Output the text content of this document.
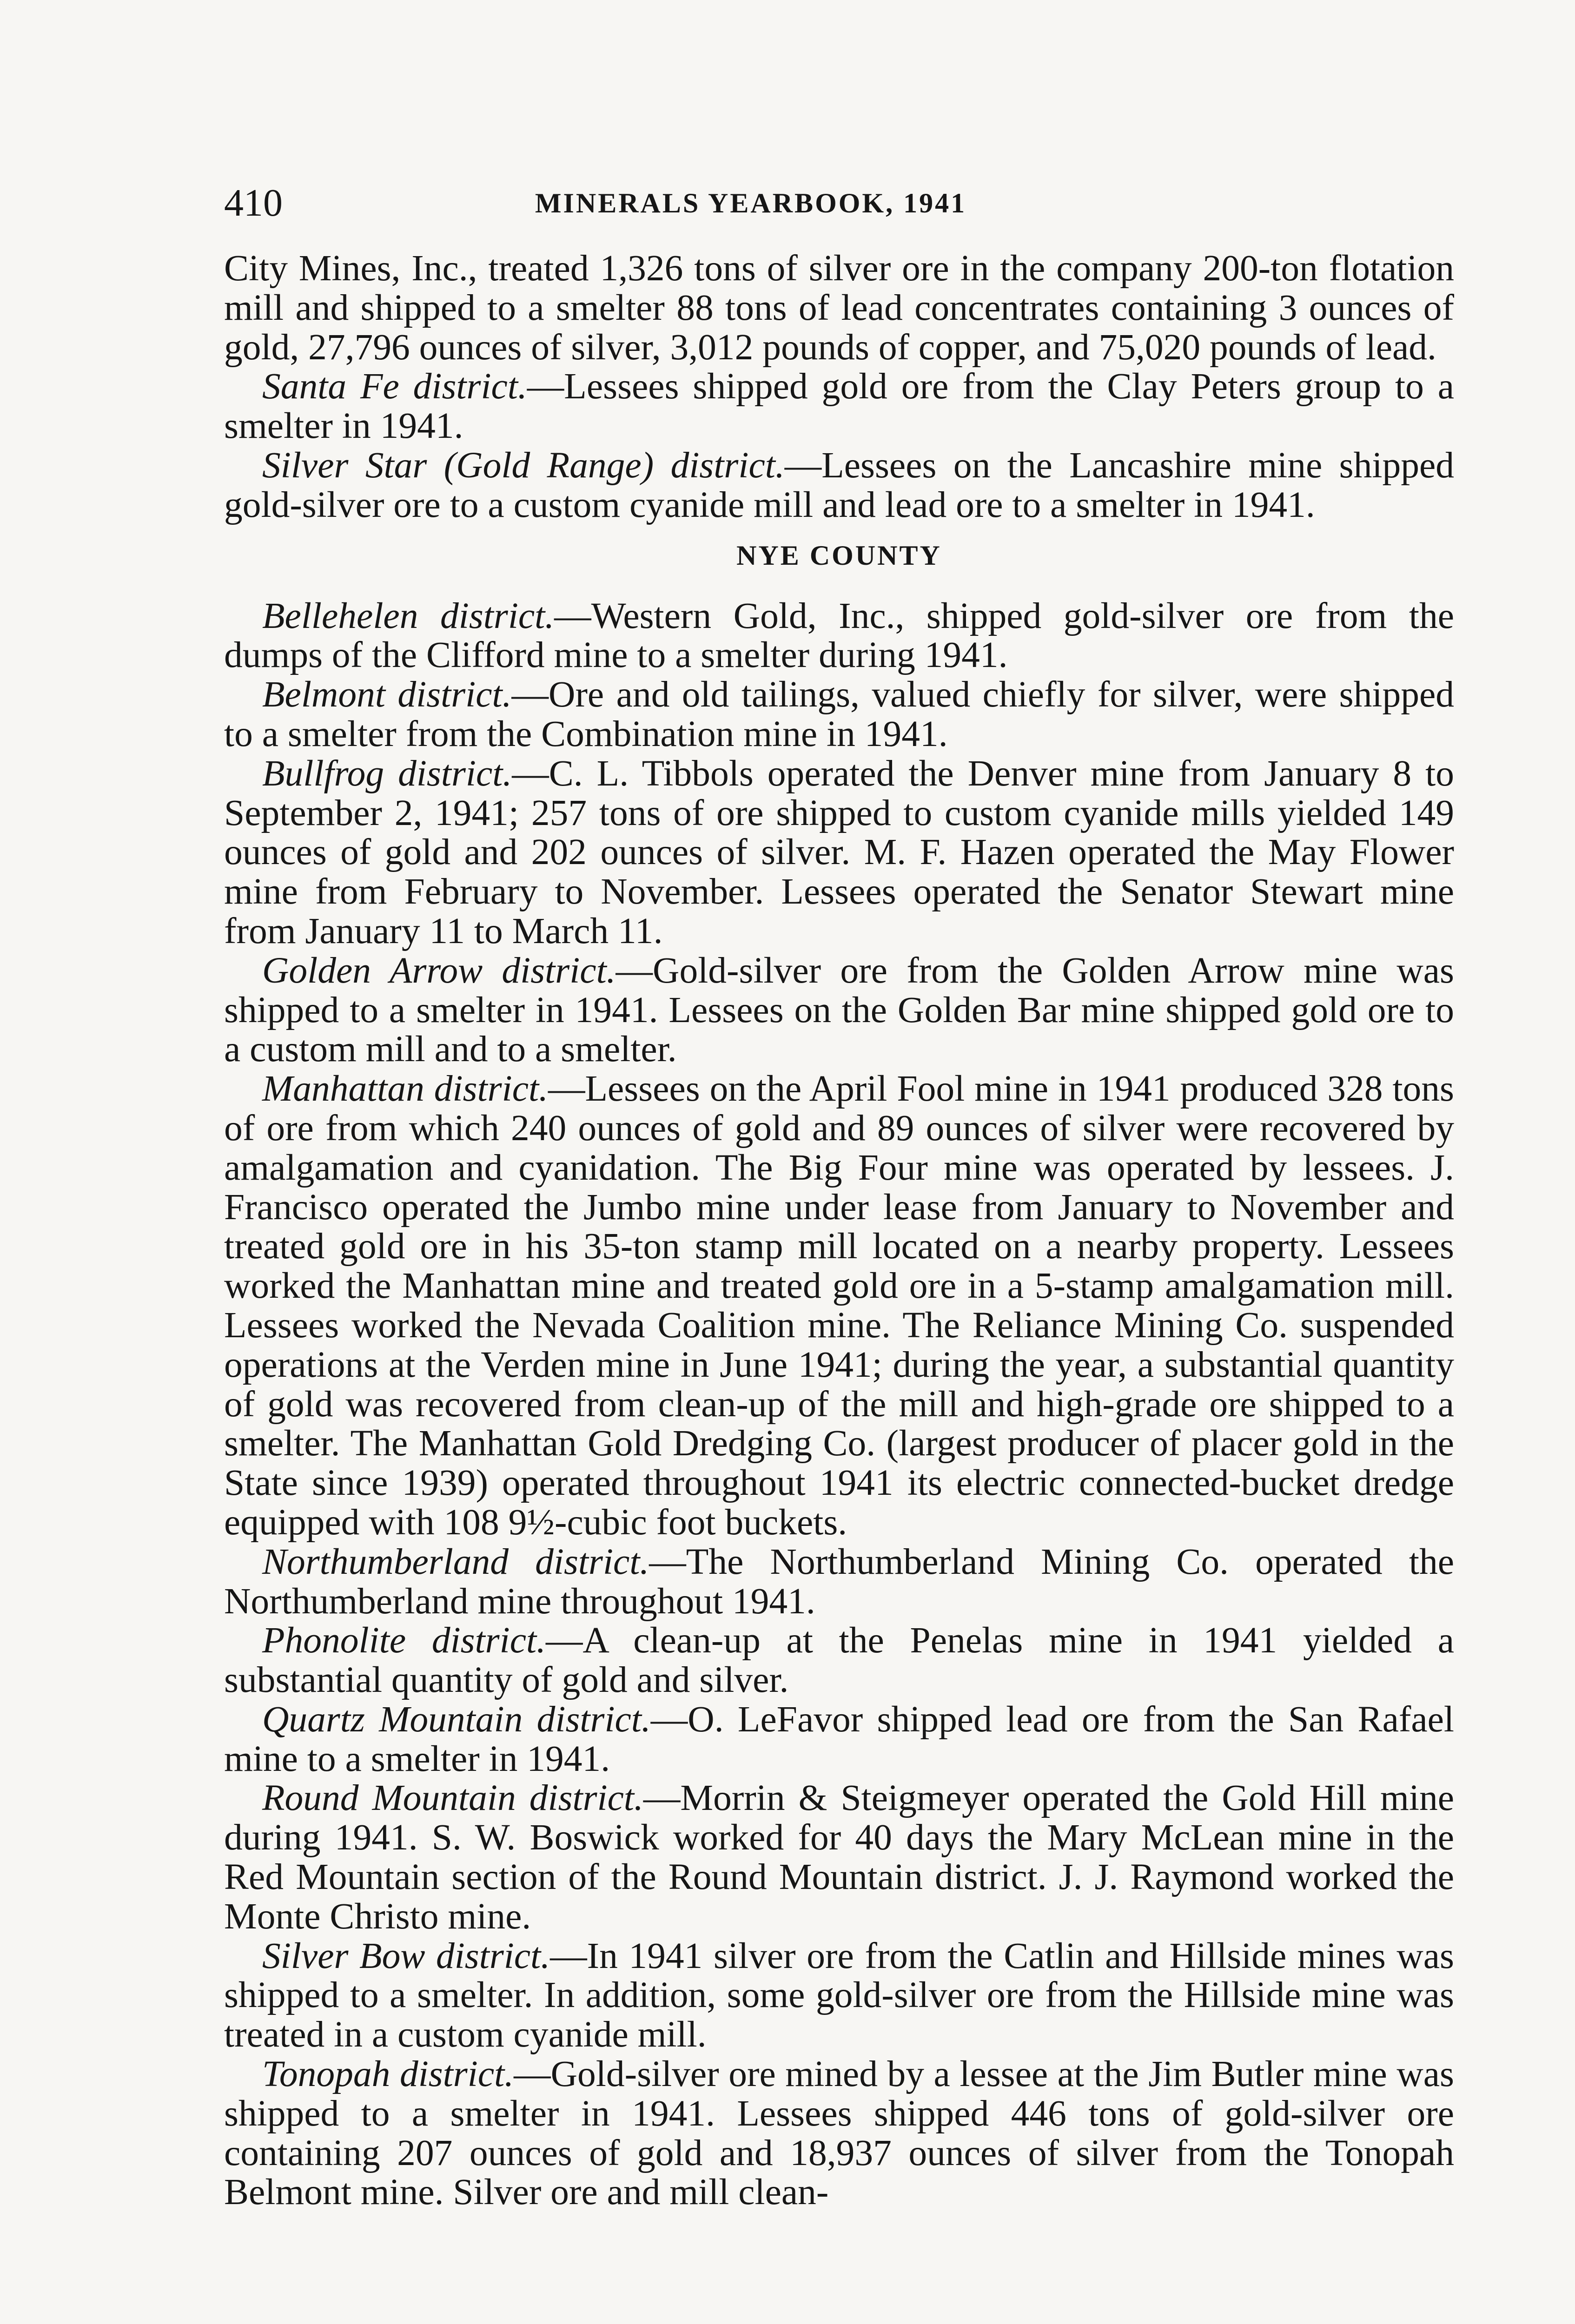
410	MINERALS YEARBOOK, 1941

City Mines, Inc., treated 1,326 tons of silver ore in the company 200-ton flotation mill and shipped to a smelter 88 tons of lead concentrates containing 3 ounces of gold, 27,796 ounces of silver, 3,012 pounds of copper, and 75,020 pounds of lead.

Santa Fe district.—Lessees shipped gold ore from the Clay Peters group to a smelter in 1941.

Silver Star (Gold Range) district.—Lessees on the Lancashire mine shipped gold-silver ore to a custom cyanide mill and lead ore to a smelter in 1941.

NYE COUNTY

Bellehelen district.—Western Gold, Inc., shipped gold-silver ore from the dumps of the Clifford mine to a smelter during 1941.

Belmont district.—Ore and old tailings, valued chiefly for silver, were shipped to a smelter from the Combination mine in 1941.

Bullfrog district.—C. L. Tibbols operated the Denver mine from January 8 to September 2, 1941; 257 tons of ore shipped to custom cyanide mills yielded 149 ounces of gold and 202 ounces of silver. M. F. Hazen operated the May Flower mine from February to November. Lessees operated the Senator Stewart mine from January 11 to March 11.

Golden Arrow district.—Gold-silver ore from the Golden Arrow mine was shipped to a smelter in 1941. Lessees on the Golden Bar mine shipped gold ore to a custom mill and to a smelter.

Manhattan district.—Lessees on the April Fool mine in 1941 produced 328 tons of ore from which 240 ounces of gold and 89 ounces of silver were recovered by amalgamation and cyanidation. The Big Four mine was operated by lessees. J. Francisco operated the Jumbo mine under lease from January to November and treated gold ore in his 35-ton stamp mill located on a nearby property. Lessees worked the Manhattan mine and treated gold ore in a 5-stamp amalgamation mill. Lessees worked the Nevada Coalition mine. The Reliance Mining Co. suspended operations at the Verden mine in June 1941; during the year, a substantial quantity of gold was recovered from clean-up of the mill and high-grade ore shipped to a smelter. The Manhattan Gold Dredging Co. (largest producer of placer gold in the State since 1939) operated throughout 1941 its electric connected-bucket dredge equipped with 108 9½-cubic foot buckets.

Northumberland district.—The Northumberland Mining Co. operated the Northumberland mine throughout 1941.

Phonolite district.—A clean-up at the Penelas mine in 1941 yielded a substantial quantity of gold and silver.

Quartz Mountain district.—O. LeFavor shipped lead ore from the San Rafael mine to a smelter in 1941.

Round Mountain district.—Morrin & Steigmeyer operated the Gold Hill mine during 1941. S. W. Boswick worked for 40 days the Mary McLean mine in the Red Mountain section of the Round Mountain district. J. J. Raymond worked the Monte Christo mine.

Silver Bow district.—In 1941 silver ore from the Catlin and Hillside mines was shipped to a smelter. In addition, some gold-silver ore from the Hillside mine was treated in a custom cyanide mill.

Tonopah district.—Gold-silver ore mined by a lessee at the Jim Butler mine was shipped to a smelter in 1941. Lessees shipped 446 tons of gold-silver ore containing 207 ounces of gold and 18,937 ounces of silver from the Tonopah Belmont mine. Silver ore and mill clean-
